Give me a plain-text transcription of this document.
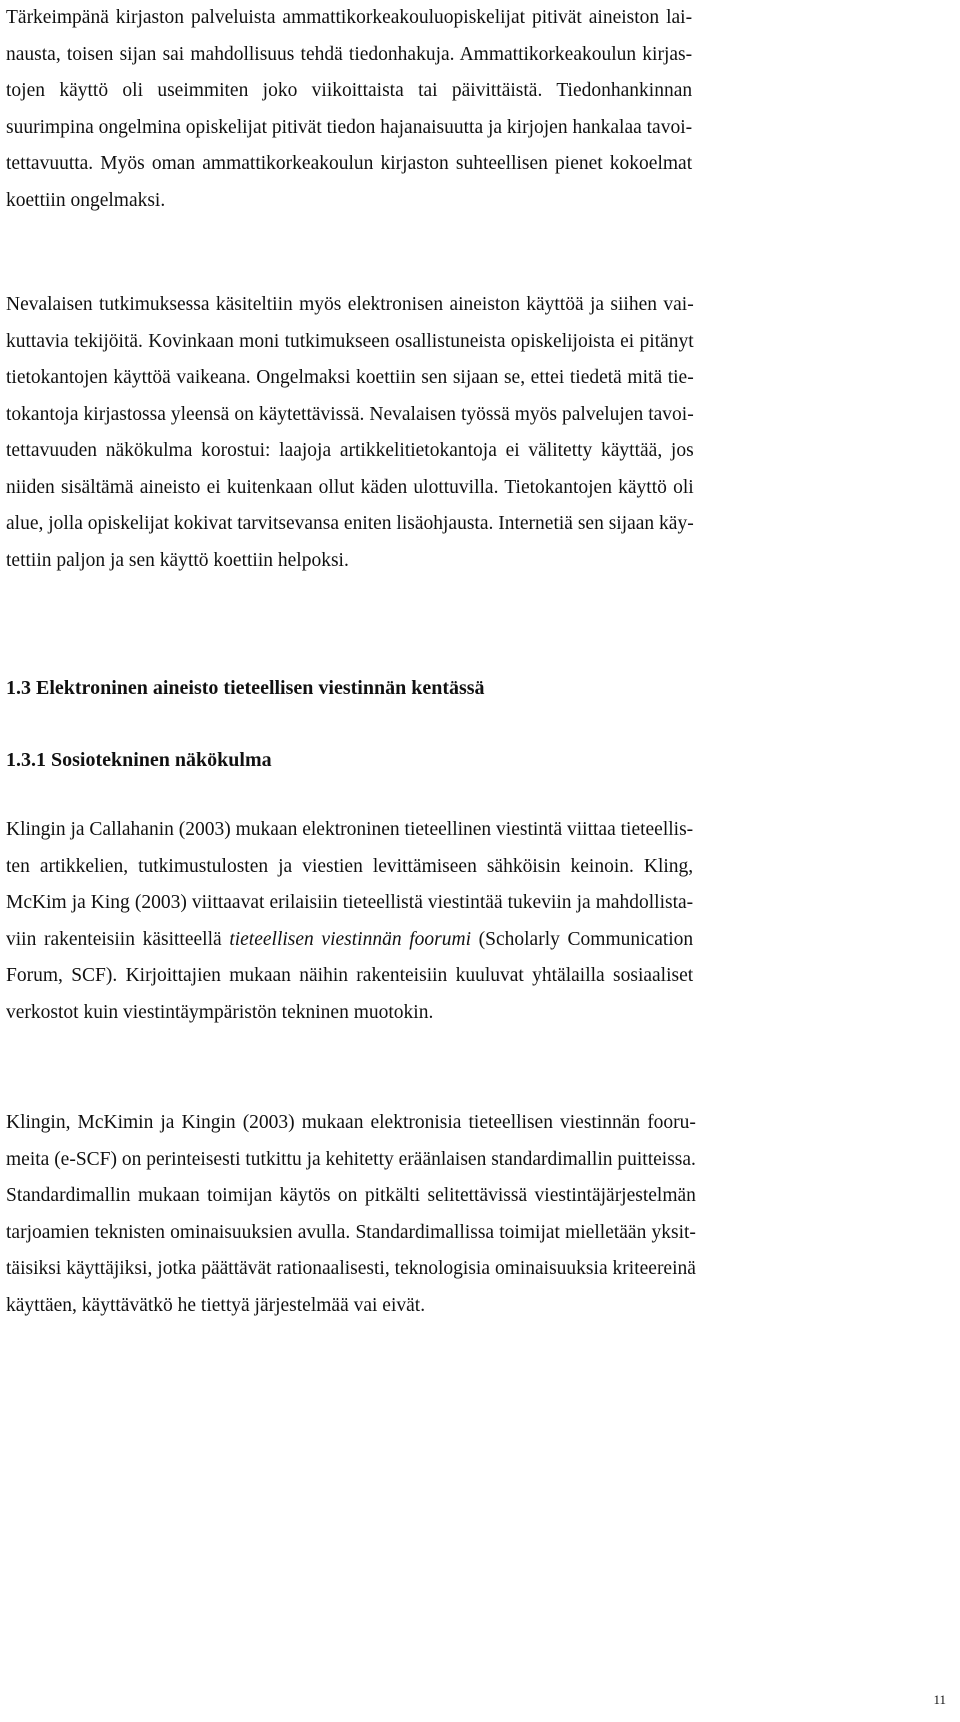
Tärkeimpänä kirjaston palveluista ammattikorkeakouluopiskelijat pitivät aineiston lai-
nausta, toisen sijan sai mahdollisuus tehdä tiedonhakuja. Ammattikorkeakoulun kirjas-
tojen käyttö oli useimmiten joko viikoittaista tai päivittäistä. Tiedonhankinnan
suurimpina ongelmina opiskelijat pitivät tiedon hajanaisuutta ja kirjojen hankalaa tavoi-
tettavuutta. Myös oman ammattikorkeakoulun kirjaston suhteellisen pienet kokoelmat
koettiin ongelmaksi.

Nevalaisen tutkimuksessa käsiteltiin myös elektronisen aineiston käyttöä ja siihen vai-
kuttavia tekijöitä. Kovinkaan moni tutkimukseen osallistuneista opiskelijoista ei pitänyt
tietokantojen käyttöä vaikeana. Ongelmaksi koettiin sen sijaan se, ettei tiedetä mitä tie-
tokantoja kirjastossa yleensä on käytettävissä. Nevalaisen työssä myös palvelujen tavoi-
tettavuuden näkökulma korostui: laajoja artikkelitietokantoja ei välitetty käyttää, jos
niiden sisältämä aineisto ei kuitenkaan ollut käden ulottuvilla. Tietokantojen käyttö oli
alue, jolla opiskelijat kokivat tarvitsevansa eniten lisäohjausta. Internetiä sen sijaan käy-
tettiin paljon ja sen käyttö koettiin helpoksi.

1.3 Elektroninen aineisto tieteellisen viestinnän kentässä
1.3.1 Sosiotekninen näkökulma

Klingin ja Callahanin (2003) mukaan elektroninen tieteellinen viestintä viittaa tieteellis-
ten artikkelien, tutkimustulosten ja viestien levittämiseen sähköisin keinoin. Kling,
McKim ja King (2003) viittaavat erilaisiin tieteellistä viestintää tukeviin ja mahdollista-
viin rakenteisiin käsitteellä tieteellisen viestinnän foorumi (Scholarly Communication
Forum, SCF). Kirjoittajien mukaan näihin rakenteisiin kuuluvat yhtälailla sosiaaliset
verkostot kuin viestintäympäristön tekninen muotokin.

Klingin, McKimin ja Kingin (2003) mukaan elektronisia tieteellisen viestinnän fooru-
meita (e-SCF) on perinteisesti tutkittu ja kehitetty eräänlaisen standardimallin puitteissa.
Standardimallin mukaan toimijan käytös on pitkälti selitettävissä viestintäjärjestelmän
tarjoamien teknisten ominaisuuksien avulla. Standardimallissa toimijat mielletään yksit-
täisiksi käyttäjiksi, jotka päättävät rationaalisesti, teknologisia ominaisuuksia kriteereinä
käyttäen, käyttävätkö he tiettyä järjestelmää vai eivät.

11
